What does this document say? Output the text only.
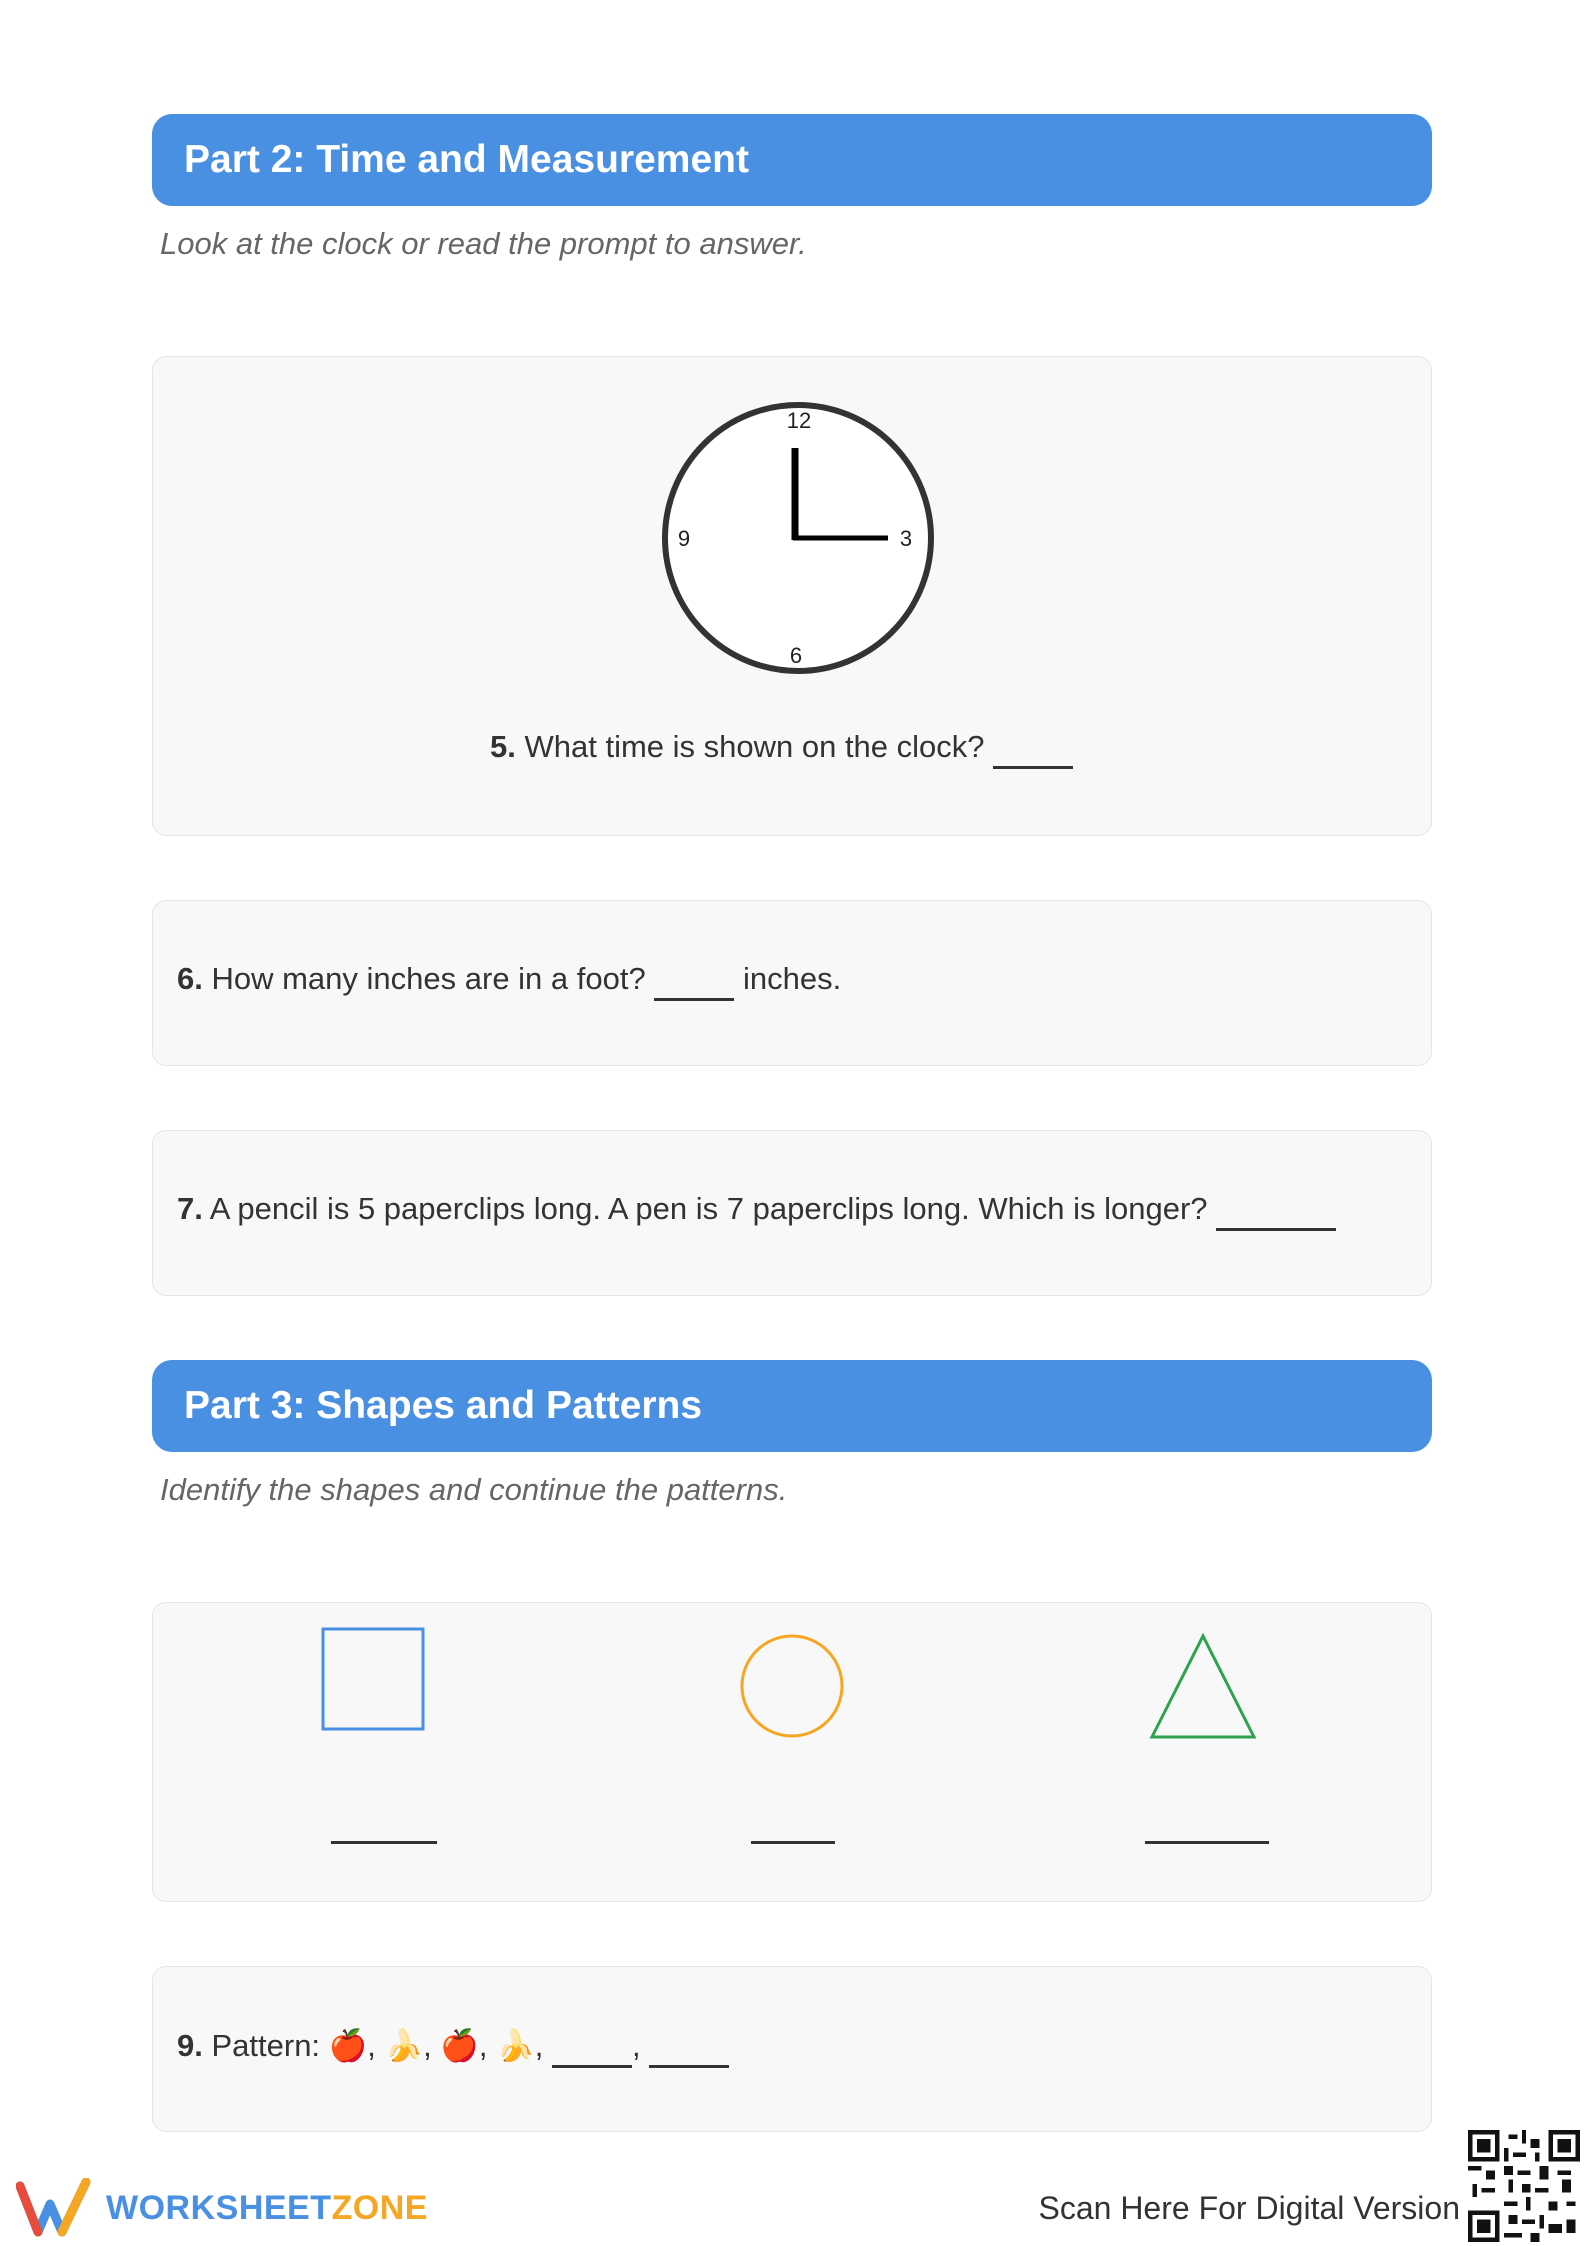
Part 2: Time and Measurement
Look at the clock or read the prompt to answer.
12
3
6
9
5. What time is shown on the clock?
6. How many inches are in a foot?	inches.
7. A pencil is 5 paperclips long. A pen is 7 paperclips long. Which is longer?
Part 3: Shapes and Patterns
Identify the shapes and continue the patterns.
9. Pattern: 🍎, 🍌, 🍎, 🍌,	,
WORKSHEETZONE	Scan Here For Digital Version
